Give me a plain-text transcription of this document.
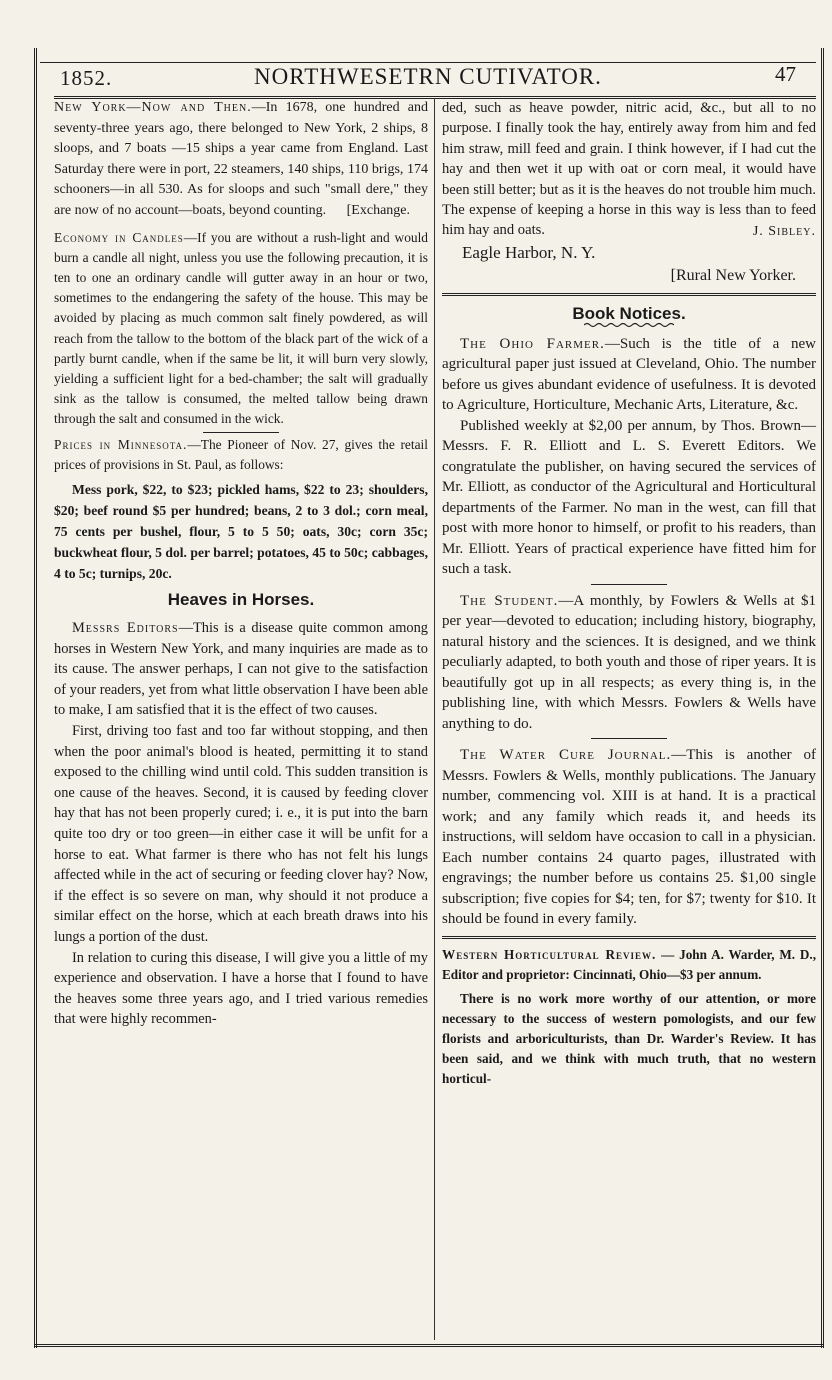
1852.	NORTHWESETRN CUTIVATOR.	47

New York—Now and Then.—In 1678, one hundred and seventy-three years ago, there belonged to New York, 2 ships, 8 sloops, and 7 boats —15 ships a year came from England. Last Saturday there were in port, 22 steamers, 140 ships, 110 brigs, 174 schooners—in all 530. As for sloops and such "small dere," they are now of no account—boats, beyond counting. [Exchange.

Economy in Candles—If you are without a rush-light and would burn a candle all night, unless you use the following precaution, it is ten to one an ordinary candle will gutter away in an hour or two, sometimes to the endangering the safety of the house. This may be avoided by placing as much common salt finely powdered, as will reach from the tallow to the bottom of the black part of the wick of a partly burnt candle, when if the same be lit, it will burn very slowly, yielding a sufficient light for a bed-chamber; the salt will gradually sink as the tallow is consumed, the melted tallow being drawn through the salt and consumed in the wick.

Prices in Minnesota.—The Pioneer of Nov. 27, gives the retail prices of provisions in St. Paul, as follows:

Mess pork, $22, to $23; pickled hams, $22 to 23; shoulders, $20; beef round $5 per hundred; beans, 2 to 3 dol.; corn meal, 75 cents per bushel, flour, 5 to 5 50; oats, 30c; corn 35c; buckwheat flour, 5 dol. per barrel; potatoes, 45 to 50c; cabbages, 4 to 5c; turnips, 20c.

Heaves in Horses.

Messrs Editors—This is a disease quite common among horses in Western New York, and many inquiries are made as to its cause. The answer perhaps, I can not give to the satisfaction of your readers, yet from what little observation I have been able to make, I am satisfied that it is the effect of two causes.

First, driving too fast and too far without stopping, and then when the poor animal's blood is heated, permitting it to stand exposed to the chilling wind until cold. This sudden transition is one cause of the heaves. Second, it is caused by feeding clover hay that has not been properly cured; i. e., it is put into the barn quite too dry or too green—in either case it will be unfit for a horse to eat. What farmer is there who has not felt his lungs affected while in the act of securing or feeding clover hay? Now, if the effect is so severe on man, why should it not produce a similar effect on the horse, which at each breath draws into his lungs a portion of the dust.

In relation to curing this disease, I will give you a little of my experience and observation. I have a horse that I found to have the heaves some three years ago, and I tried various remedies that were highly recommen-

ded, such as heave powder, nitric acid, &c., but all to no purpose. I finally took the hay, entirely away from him and fed him straw, mill feed and grain. I think however, if I had cut the hay and then wet it up with oat or corn meal, it would have been still better; but as it is the heaves do not trouble him much. The expense of keeping a horse in this way is less than to feed him hay and oats.	J. Sibley.
Eagle Harbor, N. Y.
[Rural New Yorker.
Book Notices.

The Ohio Farmer.—Such is the title of a new agricultural paper just issued at Cleveland, Ohio. The number before us gives abundant evidence of usefulness. It is devoted to Agriculture, Horticulture, Mechanic Arts, Literature, &c.

Published weekly at $2,00 per annum, by Thos. Brown—Messrs. F. R. Elliott and L. S. Everett Editors. We congratulate the publisher, on having secured the services of Mr. Elliott, as conductor of the Agricultural and Horticultural departments of the Farmer. No man in the west, can fill that post with more honor to himself, or profit to his readers, than Mr. Elliott. Years of practical experience have fitted him for such a task.

The Student.—A monthly, by Fowlers & Wells at $1 per year—devoted to education; including history, biography, natural history and the sciences. It is designed, and we think peculiarly adapted, to both youth and those of riper years. It is beautifully got up in all respects; as every thing is, in the publishing line, with which Messrs. Fowlers & Wells have anything to do.

The Water Cure Journal.—This is another of Messrs. Fowlers & Wells, monthly publications. The January number, commencing vol. XIII is at hand. It is a practical work; and any family which reads it, and heeds its instructions, will seldom have occasion to call in a physician. Each number contains 24 quarto pages, illustrated with engravings; the number before us contains 25. $1,00 single subscription; five copies for $4; ten, for $7; twenty for $10. It should be found in every family.

Western Horticultural Review. — John A. Warder, M. D., Editor and proprietor: Cincinnati, Ohio—$3 per annum.

There is no work more worthy of our attention, or more necessary to the success of western pomologists, and our few florists and arboriculturists, than Dr. Warder's Review. It has been said, and we think with much truth, that no western horticul-
